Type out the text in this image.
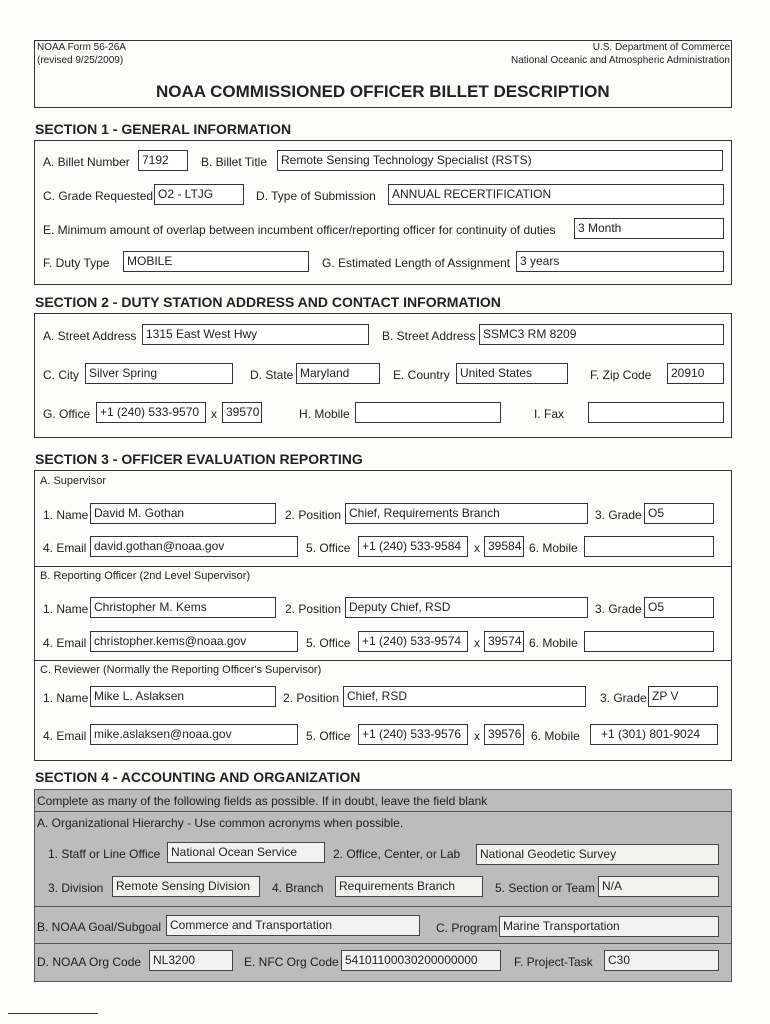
NOAA Form 56-26A
(revised 9/25/2009)
U.S. Department of Commerce
National Oceanic and Atmospheric Administration
NOAA COMMISSIONED OFFICER BILLET DESCRIPTION
SECTION 1 - GENERAL INFORMATION
A. Billet Number	7192	B. Billet Title	Remote Sensing Technology Specialist (RSTS)
C. Grade Requested O2 - LTJG	D. Type of Submission	ANNUAL RECERTIFICATION
E. Minimum amount of overlap between incumbent officer/reporting officer for continuity of duties	3 Month
F. Duty Type	MOBILE	G. Estimated Length of Assignment 3 years
SECTION 2 - DUTY STATION ADDRESS AND CONTACT INFORMATION
A. Street Address 1315 East West Hwy	B. Street Address SSMC3 RM 8209
C. City Silver Spring	D. State Maryland	E. Country United States	F. Zip Code	20910
G. Office +1 (240) 533-9570 x 39570	H. Mobile	I. Fax
SECTION 3 - OFFICER EVALUATION REPORTING
A. Supervisor
1. Name David M. Gothan	2. Position Chief, Requirements Branch	3. Grade O5
4. Email david.gothan@noaa.gov	5. Office +1 (240) 533-9584	x 39584 6. Mobile
B. Reporting Officer (2nd Level Supervisor)
1. Name Christopher M. Kems	2. Position Deputy Chief, RSD	3. Grade O5
4. Email christopher.kems@noaa.gov	5. Office +1 (240) 533-9574	x 39574 6. Mobile
C. Reviewer (Normally the Reporting Officer's Supervisor)
1. Name Mike L. Aslaksen	2. Position Chief, RSD	3. Grade ZP V
4. Email mike.aslaksen@noaa.gov	5. Office +1 (240) 533-9576	x 39576 6. Mobile	+1 (301) 801-9024
SECTION 4 - ACCOUNTING AND ORGANIZATION
Complete as many of the following fields as possible. If in doubt, leave the field blank
A. Organizational Hierarchy - Use common acronyms when possible.
1. Staff or Line Office National Ocean Service	2. Office, Center, or Lab	National Geodetic Survey
3. Division	Remote Sensing Division	4. Branch	Requirements Branch	5. Section or Team N/A
B. NOAA Goal/Subgoal Commerce and Transportation	C. Program Marine Transportation
D. NOAA Org Code NL3200	E. NFC Org Code 54101100030200000000	F. Project-Task	C30
